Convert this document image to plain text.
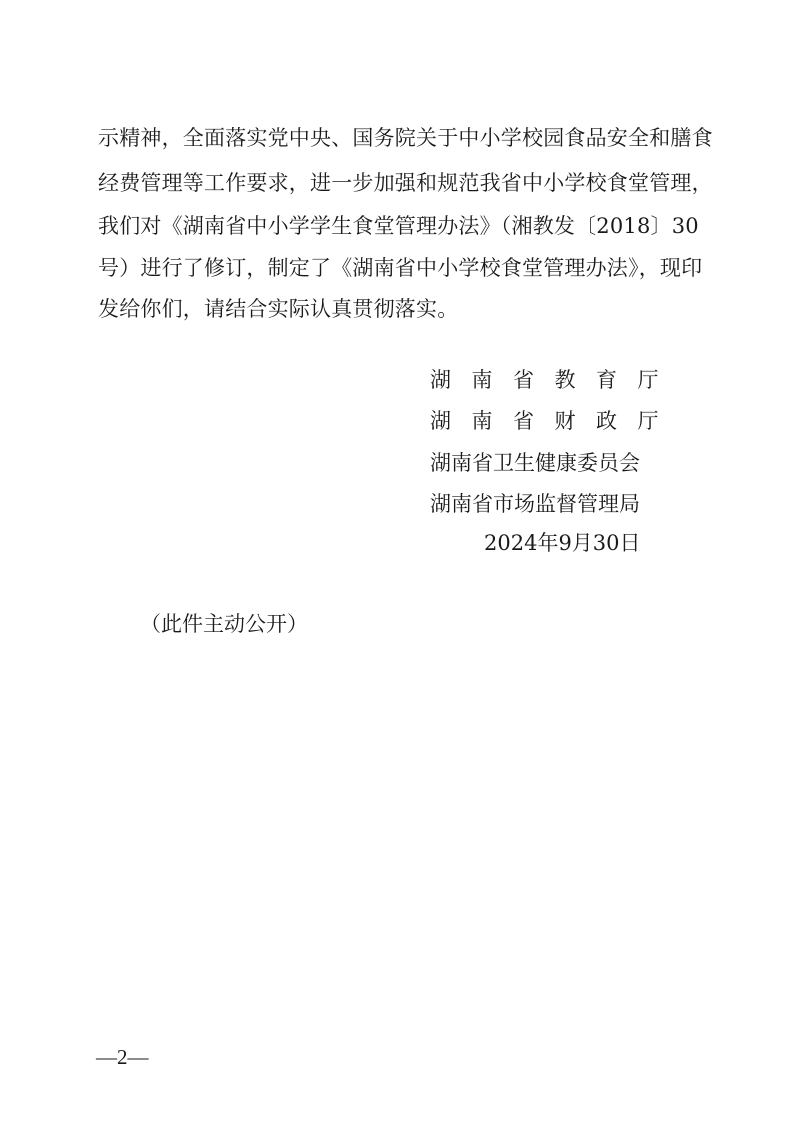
示精神，全面落实党中央、国务院关于中小学校园食品安全和膳食
经费管理等工作要求，进一步加强和规范我省中小学校食堂管理，
我们对《湖南省中小学学生食堂管理办法》（湘教发〔2018〕30
号）进行了修订，制定了《湖南省中小学校食堂管理办法》，现印
发给你们，请结合实际认真贯彻落实。
湖南省教育厅
湖南省财政厅
湖南省卫生健康委员会
湖南省市场监督管理局
2024年9月30日
（此件主动公开）
—2—
